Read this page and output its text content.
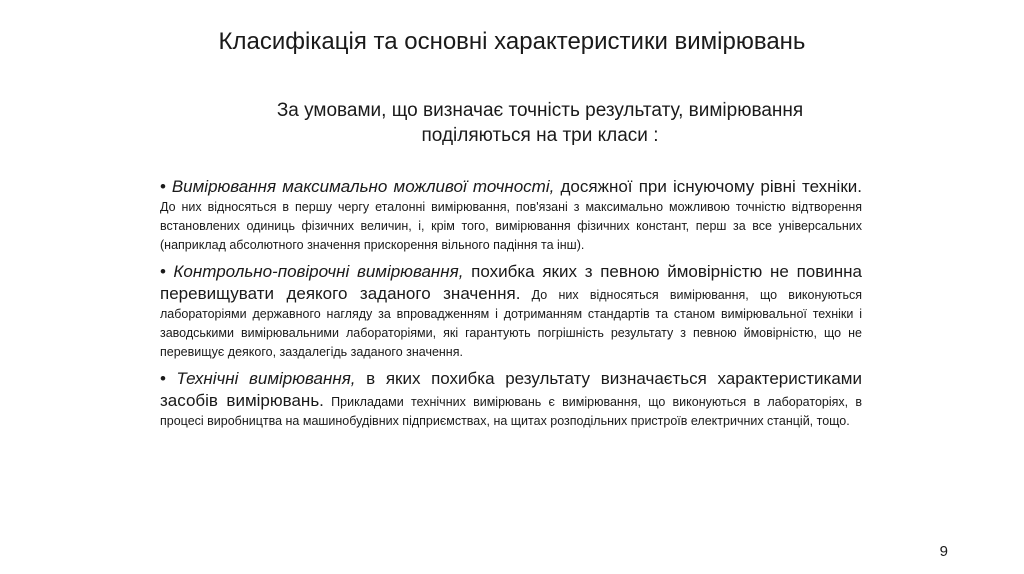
Класифікація та основні характеристики вимірювань
За умовами, що визначає точність результату, вимірювання
поділяються на три класи :

• Вимірювання максимально можливої точності, досяжної при існуючому рівні техніки. До них відносяться в першу чергу еталонні вимірювання, пов'язані з максимально можливою точністю відтворення встановлених одиниць фізичних величин, і, крім того, вимірювання фізичних констант, перш за все універсальних (наприклад абсолютного значення прискорення вільного падіння та інш).

• Контрольно-повірочні вимірювання, похибка яких з певною ймовірністю не повинна перевищувати деякого заданого значення. До них відносяться вимірювання, що виконуються лабораторіями державного нагляду за впровадженням і дотриманням стандартів та станом вимірювальної техніки і заводськими вимірювальними лабораторіями, які гарантують погрішність результату з певною ймовірністю, що не перевищує деякого, заздалегідь заданого значення.

• Технічні вимірювання, в яких похибка результату визначається характеристиками засобів вимірювань. Прикладами технічних вимірювань є вимірювання, що виконуються в лабораторіях, в процесі виробництва на машинобудівних підприємствах, на щитах розподільних пристроїв електричних станцій, тощо.

9
